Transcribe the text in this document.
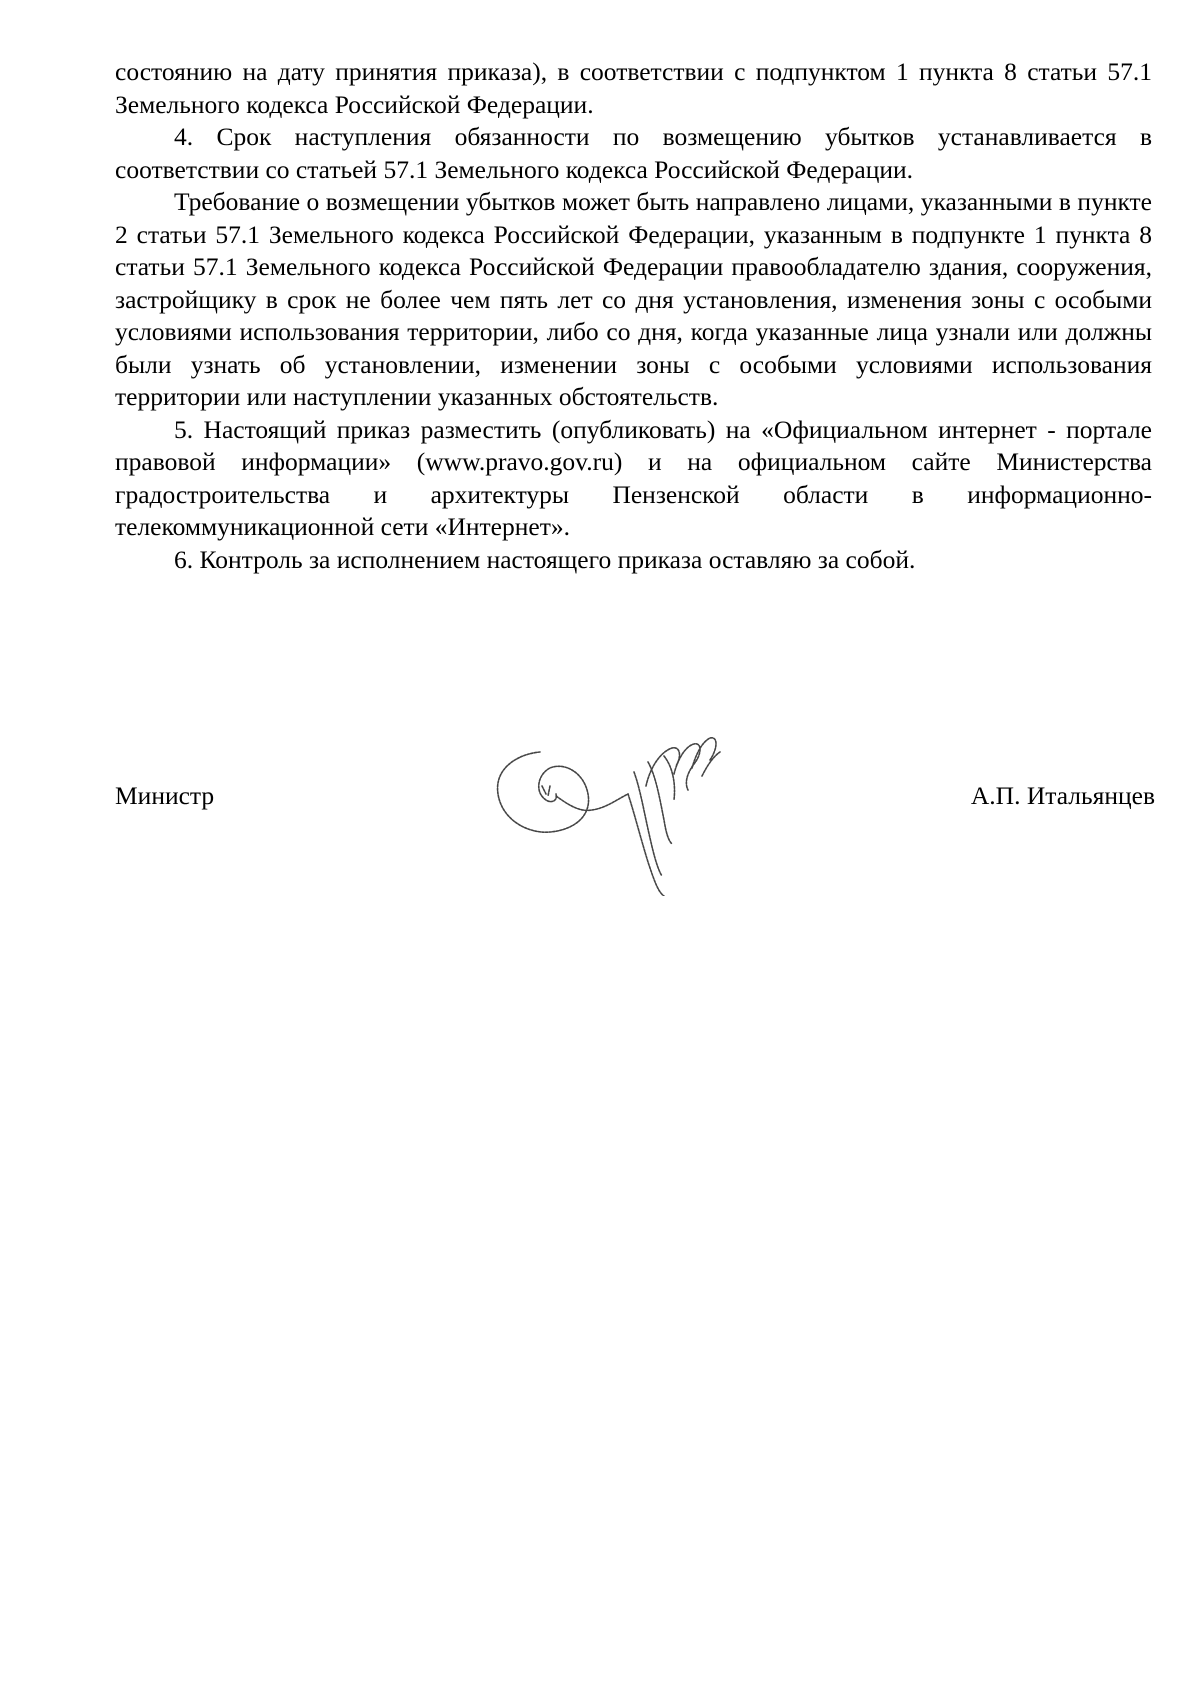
состоянию на дату принятия приказа), в соответствии с подпунктом 1 пункта 8 статьи 57.1 Земельного кодекса Российской Федерации.

4. Срок наступления обязанности по возмещению убытков устанавливается в соответствии со статьей 57.1 Земельного кодекса Российской Федерации.

Требование о возмещении убытков может быть направлено лицами, указанными в пункте 2 статьи 57.1 Земельного кодекса Российской Федерации, указанным в подпункте 1 пункта 8 статьи 57.1 Земельного кодекса Российской Федерации правообладателю здания, сооружения, застройщику в срок не более чем пять лет со дня установления, изменения зоны с особыми условиями использования территории, либо со дня, когда указанные лица узнали или должны были узнать об установлении, изменении зоны с особыми условиями использования территории или наступлении указанных обстоятельств.

5. Настоящий приказ разместить (опубликовать) на «Официальном интернет - портале правовой информации» (www.pravo.gov.ru) и на официальном сайте Министерства градостроительства и архитектуры Пензенской области в информационно-телекоммуникационной сети «Интернет».

6. Контроль за исполнением настоящего приказа оставляю за собой.

Министр	А.П. Итальянцев
